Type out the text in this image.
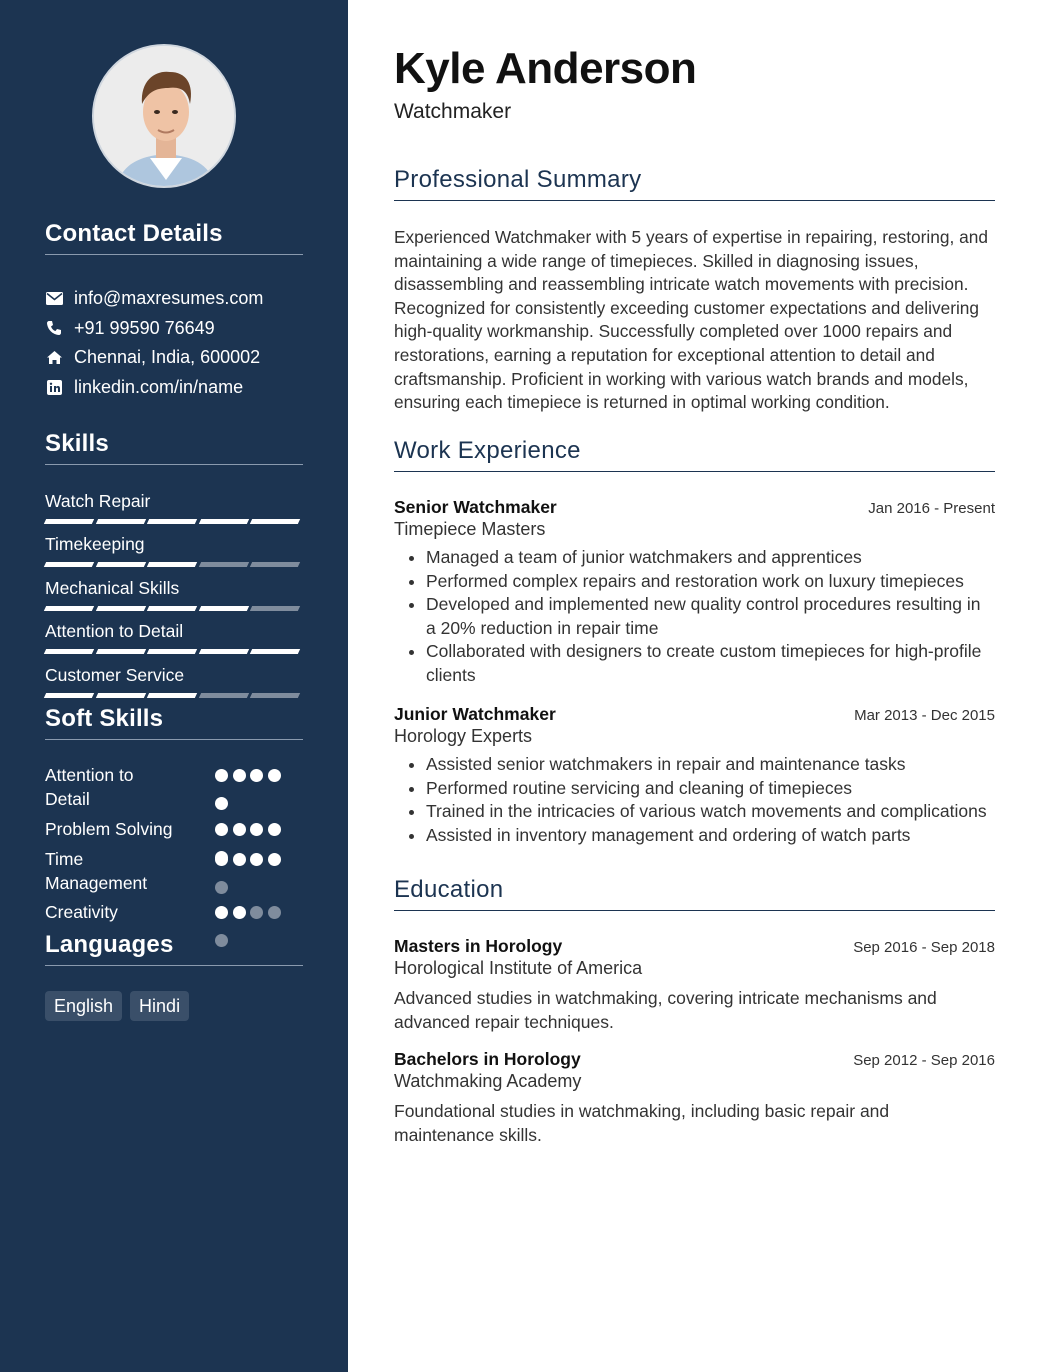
Contact Details
info@maxresumes.com
+91 99590 76649
Chennai, India, 600002
linkedin.com/in/name
Skills
Watch Repair
Timekeeping
Mechanical Skills
Attention to Detail
Customer Service
Soft Skills
Attention to Detail
Problem Solving
Time Management
Creativity
Languages
English	Hindi
Kyle Anderson
Watchmaker
Professional Summary

Experienced Watchmaker with 5 years of expertise in repairing, restoring, and maintaining a wide range of timepieces. Skilled in diagnosing issues, disassembling and reassembling intricate watch movements with precision. Recognized for consistently exceeding customer expectations and delivering high-quality workmanship. Successfully completed over 1000 repairs and restorations, earning a reputation for exceptional attention to detail and craftsmanship. Proficient in working with various watch brands and models, ensuring each timepiece is returned in optimal working condition.

Work Experience
Senior Watchmaker	Jan 2016 - Present
Timepiece Masters
• Managed a team of junior watchmakers and apprentices
• Performed complex repairs and restoration work on luxury timepieces
• Developed and implemented new quality control procedures resulting in a 20% reduction in repair time
• Collaborated with designers to create custom timepieces for high-profile clients
Junior Watchmaker	Mar 2013 - Dec 2015
Horology Experts
• Assisted senior watchmakers in repair and maintenance tasks
• Performed routine servicing and cleaning of timepieces
• Trained in the intricacies of various watch movements and complications
• Assisted in inventory management and ordering of watch parts
Education
Masters in Horology	Sep 2016 - Sep 2018
Horological Institute of America

Advanced studies in watchmaking, covering intricate mechanisms and advanced repair techniques.

Bachelors in Horology	Sep 2012 - Sep 2016
Watchmaking Academy

Foundational studies in watchmaking, including basic repair and maintenance skills.
